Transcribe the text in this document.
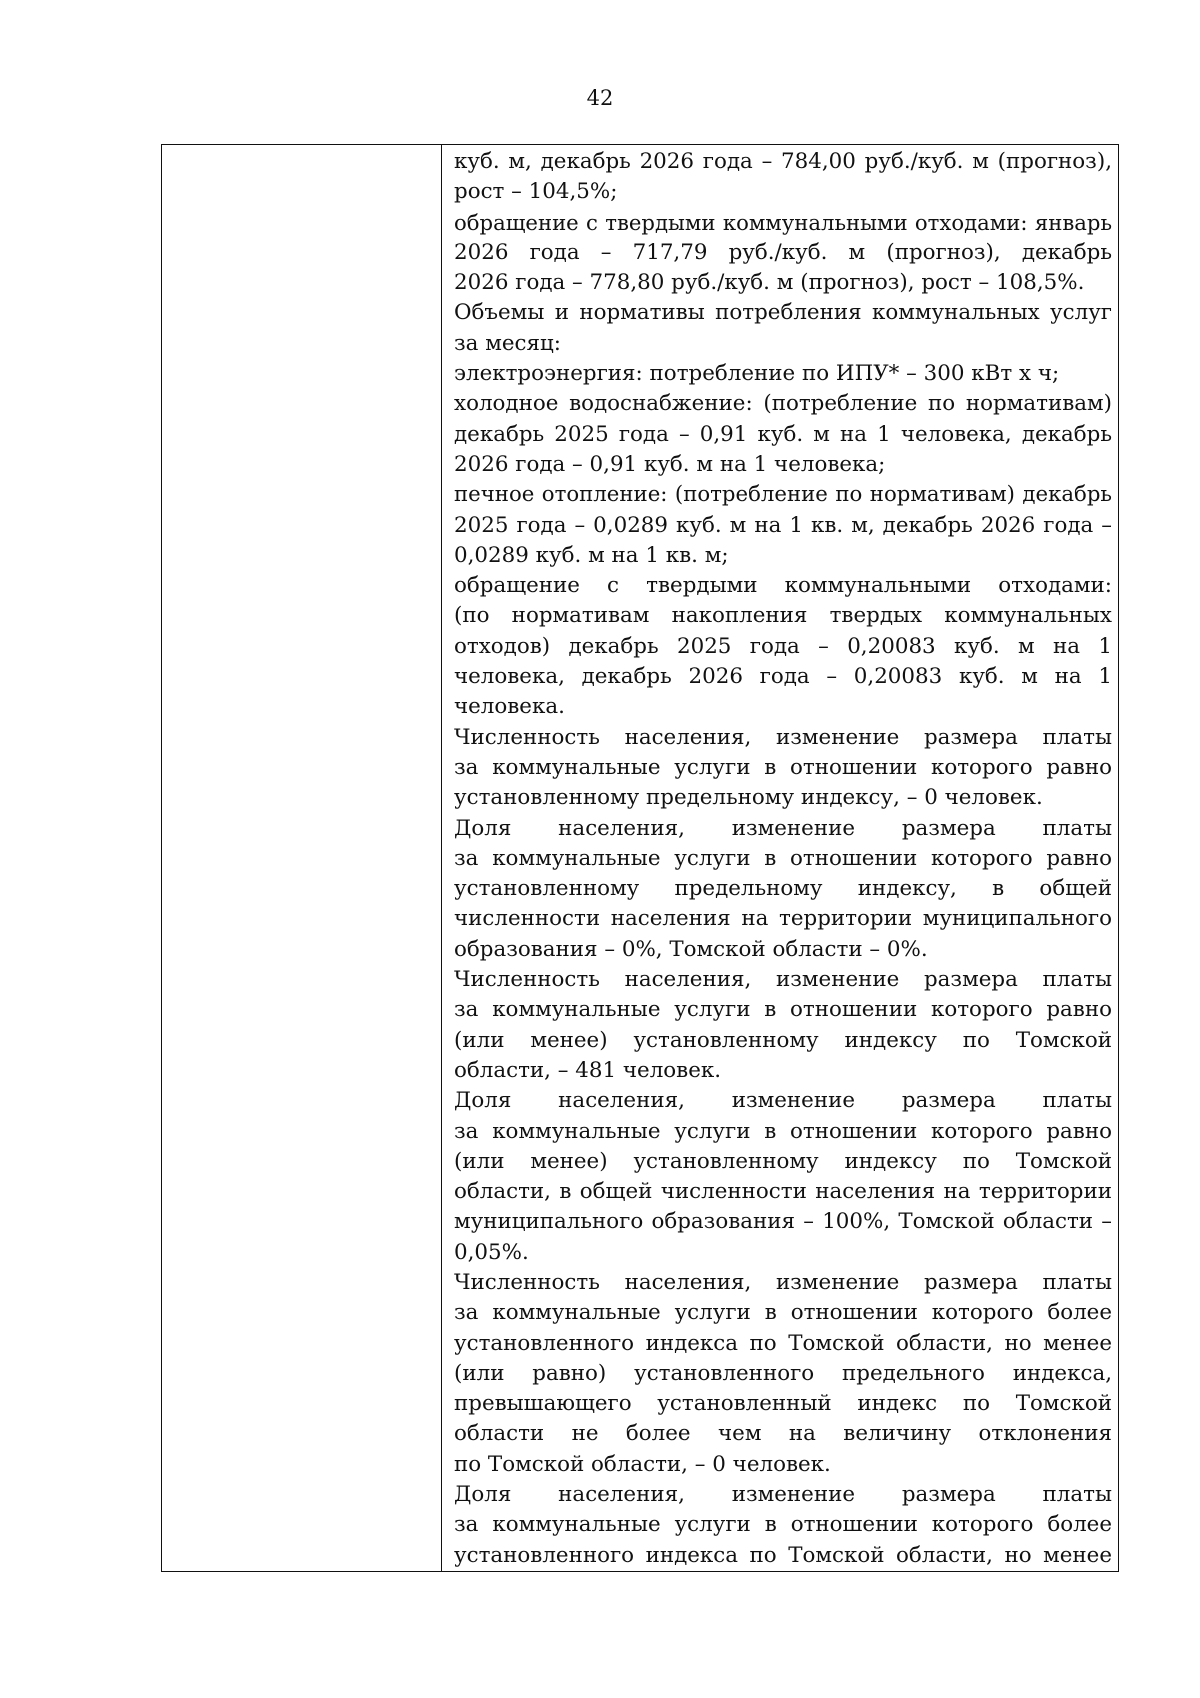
42
куб. м, декабрь 2026 года – 784,00 руб./куб. м (прогноз),
рост – 104,5%;
обращение с твердыми коммунальными отходами: январь
2026 года – 717,79 руб./куб. м (прогноз), декабрь
2026 года – 778,80 руб./куб. м (прогноз), рост – 108,5%.
Объемы и нормативы потребления коммунальных услуг
за месяц:
электроэнергия: потребление по ИПУ* – 300 кВт х ч;
холодное водоснабжение: (потребление по нормативам)
декабрь 2025 года – 0,91 куб. м на 1 человека, декабрь
2026 года – 0,91 куб. м на 1 человека;
печное отопление: (потребление по нормативам) декабрь
2025 года – 0,0289 куб. м на 1 кв. м, декабрь 2026 года –
0,0289 куб. м на 1 кв. м;
обращение с твердыми коммунальными отходами:
(по нормативам накопления твердых коммунальных
отходов) декабрь 2025 года – 0,20083 куб. м на 1
человека, декабрь 2026 года – 0,20083 куб. м на 1
человека.
Численность населения, изменение размера платы
за коммунальные услуги в отношении которого равно
установленному предельному индексу, – 0 человек.
Доля населения, изменение размера платы
за коммунальные услуги в отношении которого равно
установленному предельному индексу, в общей
численности населения на территории муниципального
образования – 0%, Томской области – 0%.
Численность населения, изменение размера платы
за коммунальные услуги в отношении которого равно
(или менее) установленному индексу по Томской
области, – 481 человек.
Доля населения, изменение размера платы
за коммунальные услуги в отношении которого равно
(или менее) установленному индексу по Томской
области, в общей численности населения на территории
муниципального образования – 100%, Томской области –
0,05%.
Численность населения, изменение размера платы
за коммунальные услуги в отношении которого более
установленного индекса по Томской области, но менее
(или равно) установленного предельного индекса,
превышающего установленный индекс по Томской
области не более чем на величину отклонения
по Томской области, – 0 человек.
Доля населения, изменение размера платы
за коммунальные услуги в отношении которого более
установленного индекса по Томской области, но менее
